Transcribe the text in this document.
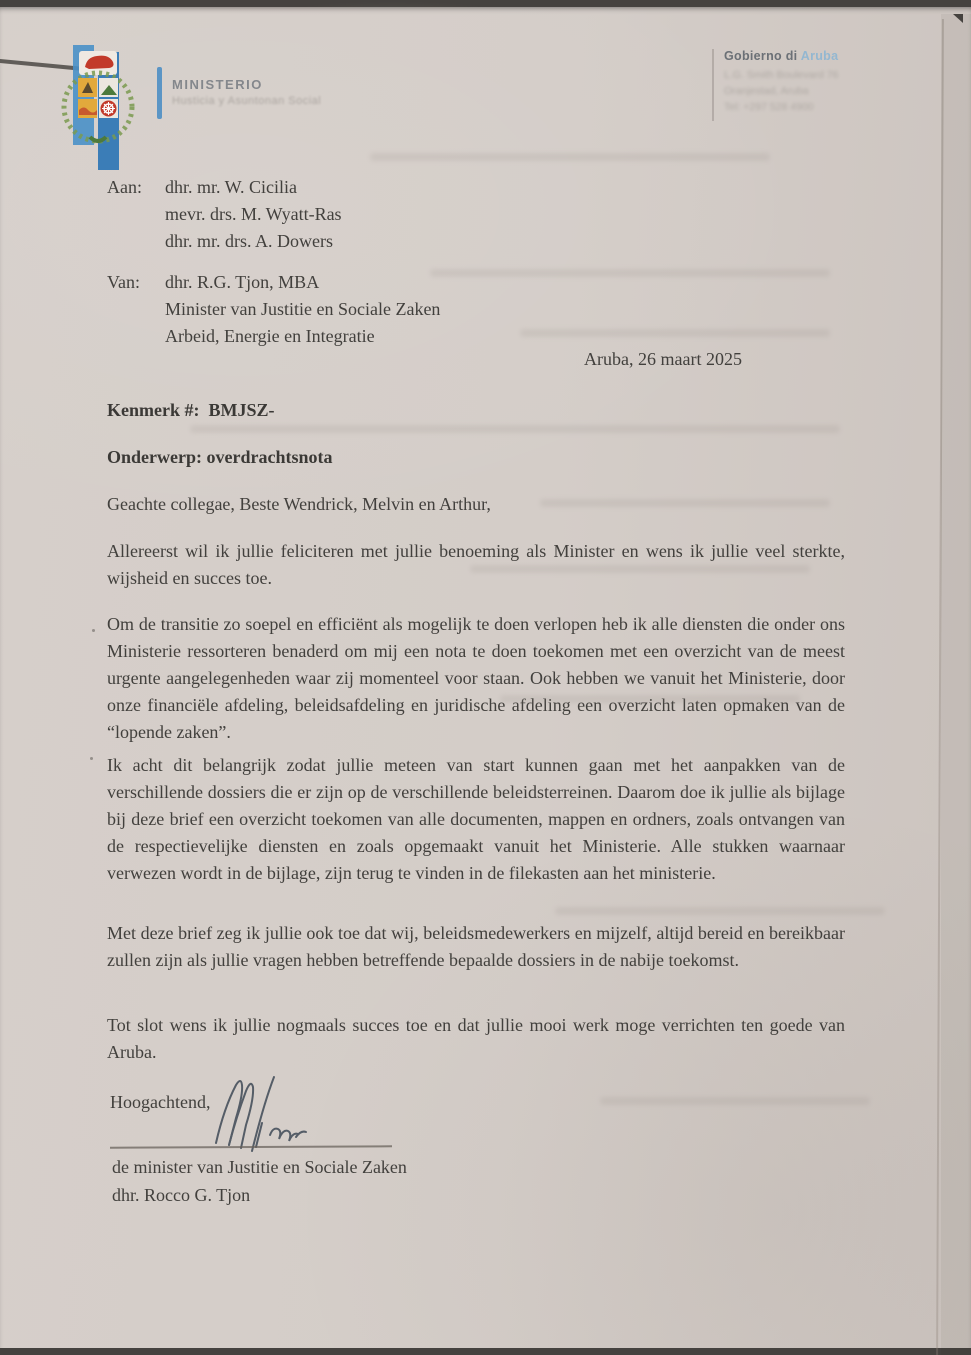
MINISTERIO
Husticia y Asuntonan Social
Gobierno di Aruba
L.G. Smith Boulevard 76
Oranjestad, Aruba
Tel: +297 528 4900
Aan:	dhr. mr. W. Cicilia
mevr. drs. M. Wyatt-Ras
dhr. mr. drs. A. Dowers
Van:	dhr. R.G. Tjon, MBA
Minister van Justitie en Sociale Zaken
Arbeid, Energie en Integratie
Aruba, 26 maart 2025
Kenmerk #: BMJSZ-
Onderwerp: overdrachtsnota
Geachte collegae, Beste Wendrick, Melvin en Arthur,
Allereerst wil ik jullie feliciteren met jullie benoeming als Minister en wens ik jullie veel sterkte, wijsheid en succes toe.
Om de transitie zo soepel en efficiënt als mogelijk te doen verlopen heb ik alle diensten die onder ons Ministerie ressorteren benaderd om mij een nota te doen toekomen met een overzicht van de meest urgente aangelegenheden waar zij momenteel voor staan. Ook hebben we vanuit het Ministerie, door onze financiële afdeling, beleidsafdeling en juridische afdeling een overzicht laten opmaken van de “lopende zaken”.
Ik acht dit belangrijk zodat jullie meteen van start kunnen gaan met het aanpakken van de verschillende dossiers die er zijn op de verschillende beleidsterreinen. Daarom doe ik jullie als bijlage bij deze brief een overzicht toekomen van alle documenten, mappen en ordners, zoals ontvangen van de respectievelijke diensten en zoals opgemaakt vanuit het Ministerie. Alle stukken waarnaar verwezen wordt in de bijlage, zijn terug te vinden in de filekasten aan het ministerie.
Met deze brief zeg ik jullie ook toe dat wij, beleidsmedewerkers en mijzelf, altijd bereid en bereikbaar zullen zijn als jullie vragen hebben betreffende bepaalde dossiers in de nabije toekomst.
Tot slot wens ik jullie nogmaals succes toe en dat jullie mooi werk moge verrichten ten goede van Aruba.
Hoogachtend,
de minister van Justitie en Sociale Zaken
dhr. Rocco G. Tjon
